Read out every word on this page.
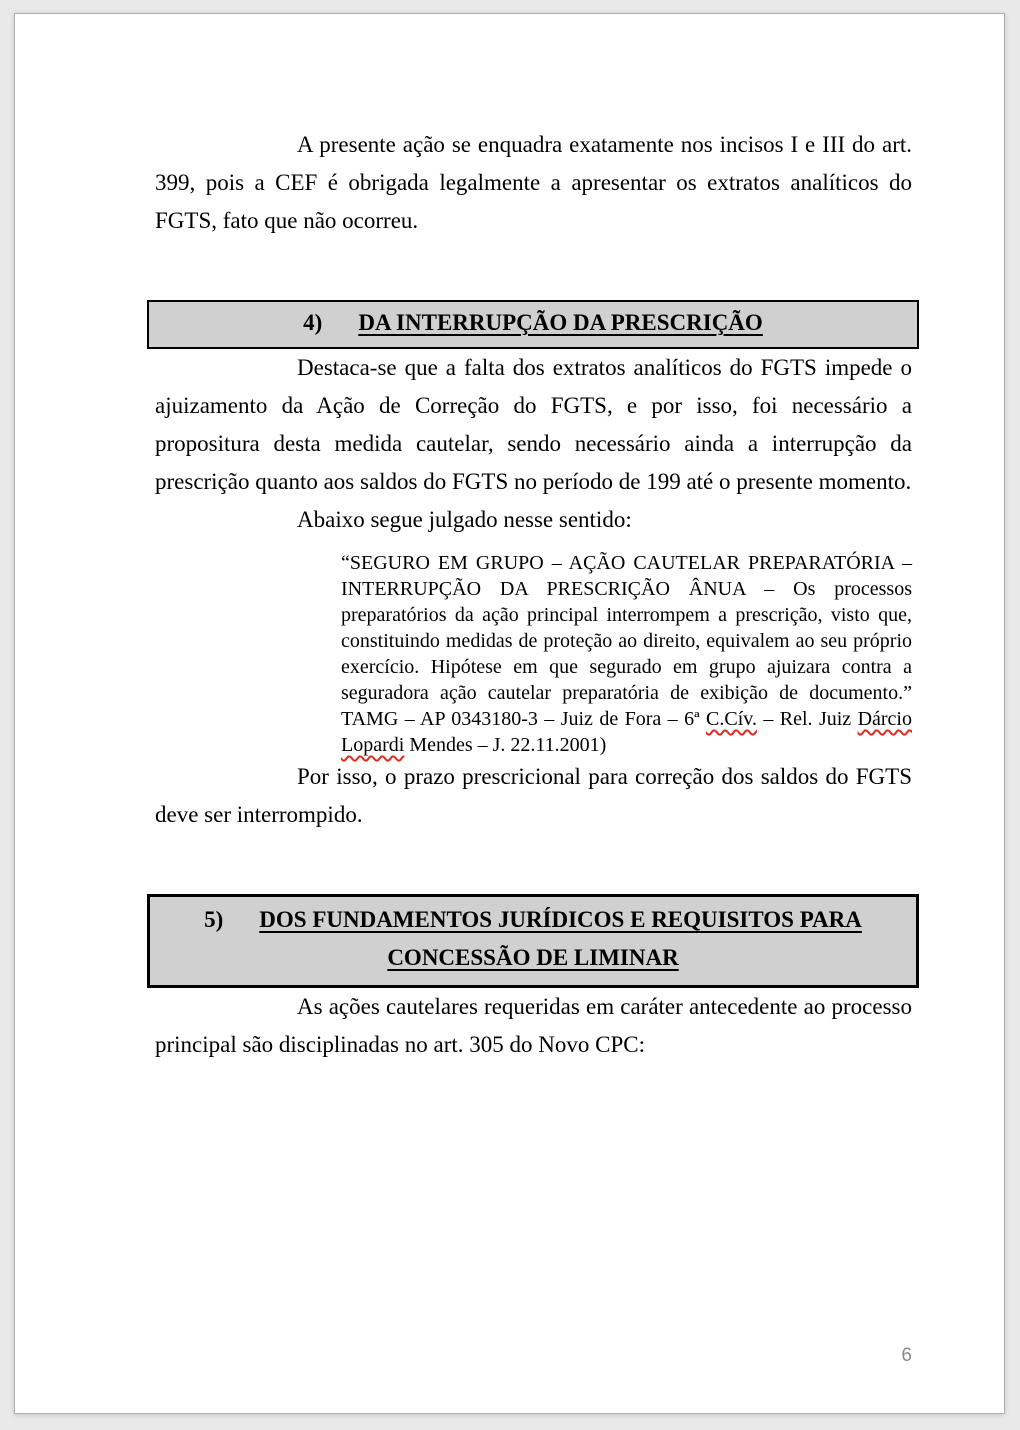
A presente ação se enquadra exatamente nos incisos I e III do art. 399, pois a CEF é obrigada legalmente a apresentar os extratos analíticos do FGTS, fato que não ocorreu.

4) DA INTERRUPÇÃO DA PRESCRIÇÃO

Destaca-se que a falta dos extratos analíticos do FGTS impede o ajuizamento da Ação de Correção do FGTS, e por isso, foi necessário a propositura desta medida cautelar, sendo necessário ainda a interrupção da prescrição quanto aos saldos do FGTS no período de 199 até o presente momento.

Abaixo segue julgado nesse sentido:

“SEGURO EM GRUPO – AÇÃO CAUTELAR PREPARATÓRIA – INTERRUPÇÃO DA PRESCRIÇÃO ÂNUA – Os processos preparatórios da ação principal interrompem a prescrição, visto que, constituindo medidas de proteção ao direito, equivalem ao seu próprio exercício. Hipótese em que segurado em grupo ajuizara contra a seguradora ação cautelar preparatória de exibição de documento.” TAMG – AP 0343180-3 – Juiz de Fora – 6ª C.Cív. – Rel. Juiz Dárcio Lopardi Mendes – J. 22.11.2001)

Por isso, o prazo prescricional para correção dos saldos do FGTS deve ser interrompido.

5) DOS FUNDAMENTOS JURÍDICOS E REQUISITOS PARA
CONCESSÃO DE LIMINAR

As ações cautelares requeridas em caráter antecedente ao processo principal são disciplinadas no art. 305 do Novo CPC:

6
